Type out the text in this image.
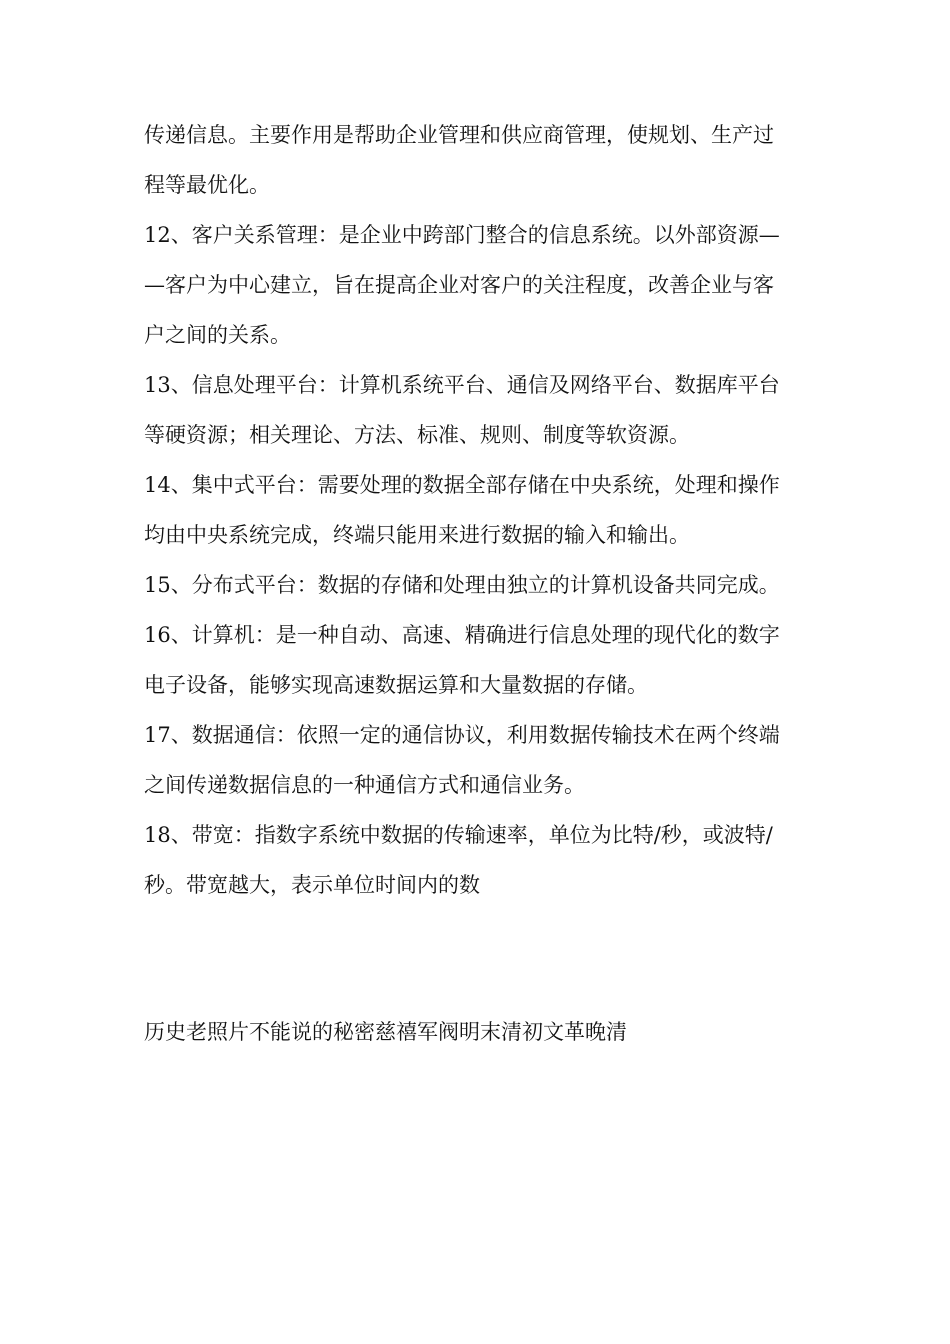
传递信息。主要作用是帮助企业管理和供应商管理，使规划、生产过
程等最优化。
12、客户关系管理：是企业中跨部门整合的信息系统。以外部资源—
—客户为中心建立，旨在提高企业对客户的关注程度，改善企业与客
户之间的关系。
13、信息处理平台：计算机系统平台、通信及网络平台、数据库平台
等硬资源；相关理论、方法、标准、规则、制度等软资源。
14、集中式平台：需要处理的数据全部存储在中央系统，处理和操作
均由中央系统完成，终端只能用来进行数据的输入和输出。
15、分布式平台：数据的存储和处理由独立的计算机设备共同完成。
16、计算机：是一种自动、高速、精确进行信息处理的现代化的数字
电子设备，能够实现高速数据运算和大量数据的存储。
17、数据通信：依照一定的通信协议，利用数据传输技术在两个终端
之间传递数据信息的一种通信方式和通信业务。
18、带宽：指数字系统中数据的传输速率，单位为比特/秒，或波特/
秒。带宽越大，表示单位时间内的数
历史老照片不能说的秘密慈禧军阀明末清初文革晚清
